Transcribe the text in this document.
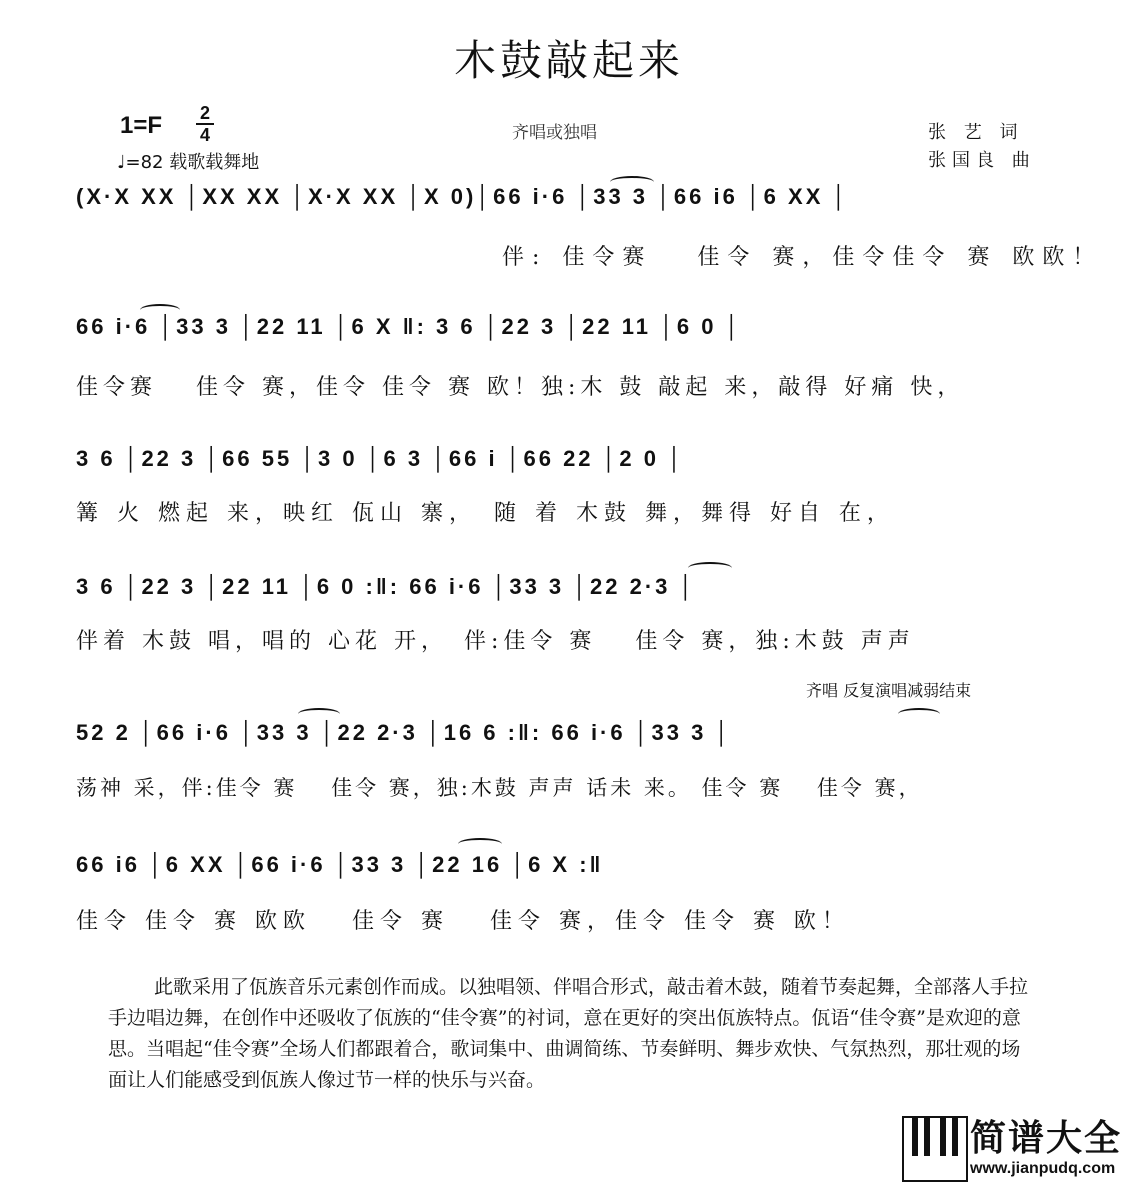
木鼓敲起来
1=F 2
4
♩=82 载歌载舞地
齐唱或独唱	张 艺 词
张国良 曲
(X·X XX │XX XX │X·X XX │X 0)│66 i·6 │33 3 │66 i6 │6 XX │
伴: 佳令赛　 佳令 赛，佳令佳令 赛 欧欧！
66 i·6 │33 3 │22 11 │6 X ‖: 3 6 │22 3 │22 11 │6 0 │
佳令赛　 佳令 赛，佳令 佳令 赛 欧！独:木 鼓 敲起 来，敲得 好痛 快，
3 6 │22 3 │66 55 │3 0 │6 3 │66 i │66 22 │2 0 │
篝 火 燃起 来，映红 佤山 寨，　随 着 木鼓 舞，舞得 好自 在，
3 6 │22 3 │22 11 │6 0 :‖: 66 i·6 │33 3 │22 2·3 │
伴着 木鼓 唱，唱的 心花 开，　伴:佳令 赛　 佳令 赛，独:木鼓 声声
齐唱 反复演唱减弱结束
52 2 │66 i·6 │33 3 │22 2·3 │16 6 :‖: 66 i·6 │33 3 │
荡神 采，伴:佳令 赛　 佳令 赛，独:木鼓 声声 话未 来。 佳令 赛　 佳令 赛，
66 i6 │6 XX │66 i·6 │33 3 │22 16 │6 X :‖
佳令 佳令 赛 欧欧　 佳令 赛　 佳令 赛，佳令 佳令 赛 欧！
此歌采用了佤族音乐元素创作而成。以独唱领、伴唱合形式，敲击着木鼓，随着节奏起舞，全部落人手拉手边唱边舞，在创作中还吸收了佤族的“佳令赛”的衬词，意在更好的突出佤族特点。佤语“佳令赛”是欢迎的意思。当唱起“佳令赛”全场人们都跟着合，歌词集中、曲调简练、节奏鲜明、舞步欢快、气氛热烈，那壮观的场面让人们能感受到佤族人像过节一样的快乐与兴奋。
简谱大全
www.jianpudq.com
